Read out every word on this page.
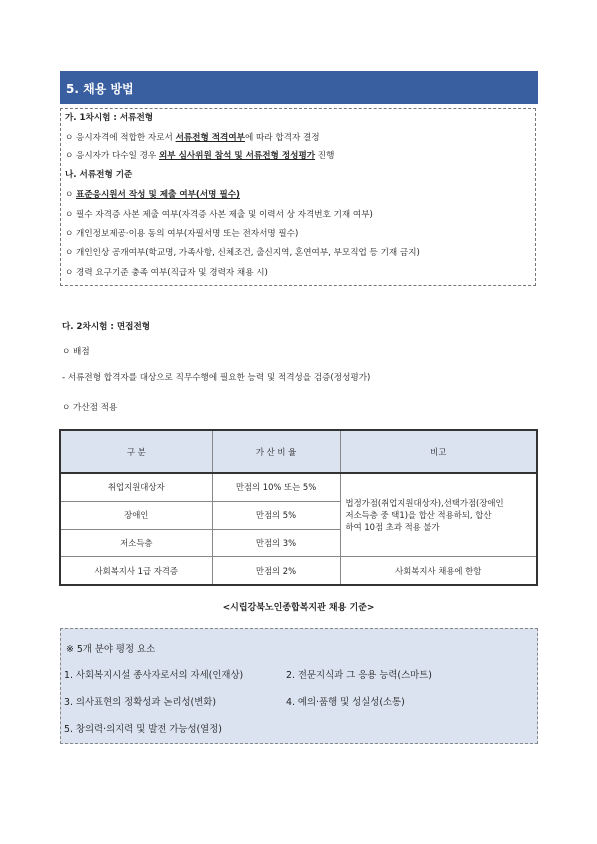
5. 채용 방법
가. 1차시험 : 서류전형
ㅇ 응시자격에 적합한 자로서 서류전형 적격여부에 따라 합격자 결정
ㅇ 응시자가 다수일 경우 외부 심사위원 참석 및 서류전형 정성평가 진행
나. 서류전형 기준
ㅇ 표준응시원서 작성 및 제출 여부(서명 필수)
ㅇ 필수 자격증 사본 제출 여부(자격증 사본 제출 및 이력서 상 자격번호 기재 여부)
ㅇ 개인정보제공·이용 동의 여부(자필서명 또는 전자서명 필수)
ㅇ 개인인상 공개여부(학교명, 가족사항, 신체조건, 출신지역, 혼연여부, 부모직업 등 기재 금지)
ㅇ 경력 요구기준 충족 여부(직급자 및 경력자 채용 시)
다. 2차시험 : 면접전형
ㅇ 배점
- 서류전형 합격자를 대상으로 직무수행에 필요한 능력 및 적격성을 검증(정성평가)
ㅇ 가산점 적용
구 분	가 산 비 율	비고
취업지원대상자	만점의 10% 또는 5%	법정가점(취업지원대상자),선택가점(장애인
저소득층 중 택1)을 합산 적용하되, 합산
하여 10점 초과 적용 불가

장애인	만점의 5%	
저소득층	만점의 3%	
사회복지사 1급 자격증	만점의 2%	사회복지사 채용에 한함
<시립강북노인종합복지관 채용 기준>
※ 5개 분야 평정 요소
1. 사회복지시설 종사자로서의 자세(인재상)	2. 전문지식과 그 응용 능력(스마트)
3. 의사표현의 정확성과 논리성(변화)	4. 예의·품행 및 성실성(소통)
5. 창의력·의지력 및 발전 가능성(열정)
